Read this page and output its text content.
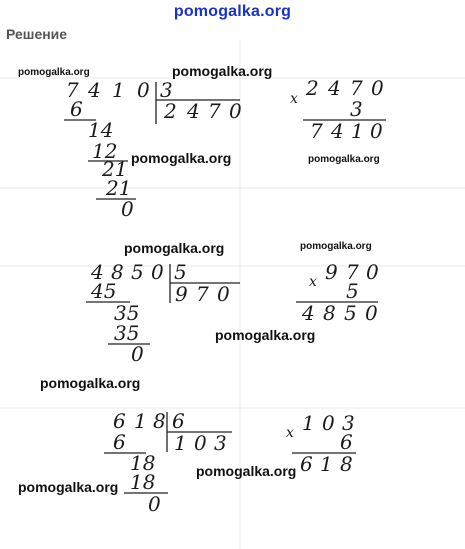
pomogalka.org
Решение
7 4 1 0 3
2 4 7 0
6
14
12
21
21
0
x 2 4 7 0
3
7 4 1 0
4 8 5 0 5
9 7 0
45
35
35
0
x 9 7 0
5
4 8 5 0
6 1 8 6
1 0 3
6
18
18
0
x 1 0 3
6
6 1 8
pomogalka.org	pomogalka.org
pomogalka.org	pomogalka.org
pomogalka.org	pomogalka.org
pomogalka.org
pomogalka.org
pomogalka.org
pomogalka.org
